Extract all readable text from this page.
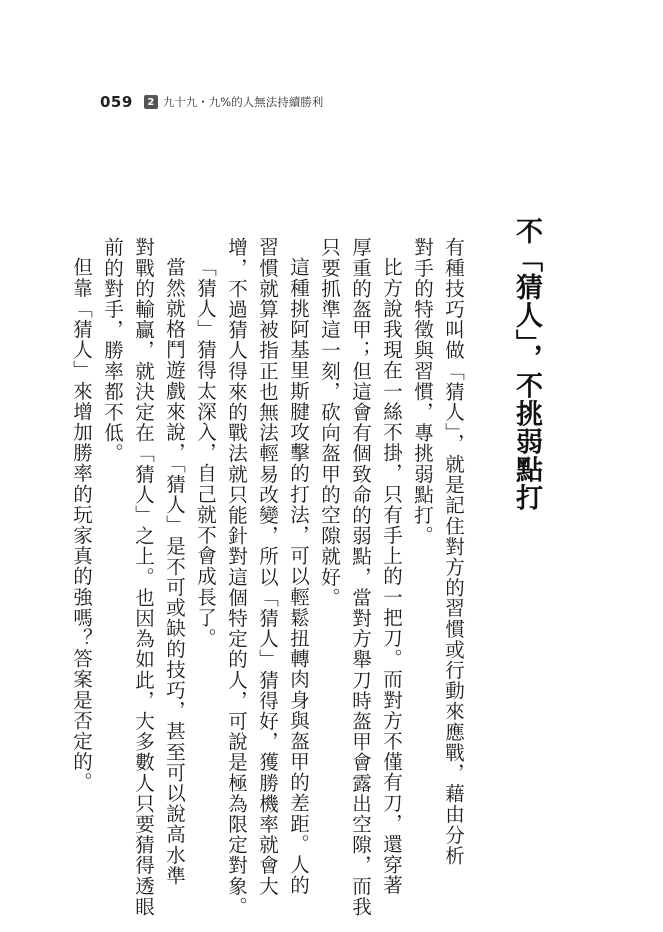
059	2 九十九・九%的人無法持續勝利
不「猜人」，不挑弱點打
有種技巧叫做「猜人」，就是記住對方的習慣或行動來應戰，藉由分析
對手的特徵與習慣，專挑弱點打。
比方說我現在一絲不掛，只有手上的一把刀。而對方不僅有刀，還穿著
厚重的盔甲；但這會有個致命的弱點，當對方舉刀時盔甲會露出空隙，而我
只要抓準這一刻，砍向盔甲的空隙就好。
這種挑阿基里斯腱攻擊的打法，可以輕鬆扭轉肉身與盔甲的差距。人的
習慣就算被指正也無法輕易改變，所以「猜人」猜得好，獲勝機率就會大
增，不過猜人得來的戰法就只能針對這個特定的人，可說是極為限定對象。
「猜人」猜得太深入，自己就不會成長了。
當然就格鬥遊戲來說，「猜人」是不可或缺的技巧，甚至可以說高水準
對戰的輸贏，就決定在「猜人」之上。也因為如此，大多數人只要猜得透眼
前的對手，勝率都不低。
但靠「猜人」來增加勝率的玩家真的強嗎？答案是否定的。
